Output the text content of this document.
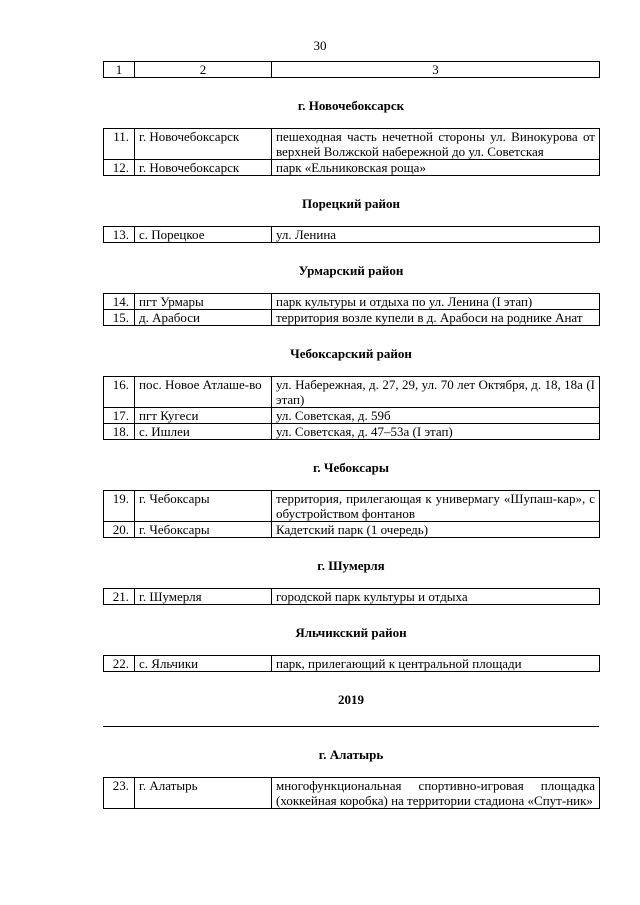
30
1	2	3
г. Новочебоксарск
11.	г. Новочебоксарск	пешеходная часть нечетной стороны ул. Винокурова от верхней Волжской набережной до ул. Советская
12.	г. Новочебоксарск	парк «Ельниковская роща»
Порецкий район
13.	с. Порецкое	ул. Ленина
Урмарский район
14.	пгт Урмары	парк культуры и отдыха по ул. Ленина (I этап)
15.	д. Арабоси	территория возле купели в д. Арабоси на роднике Анат
Чебоксарский район
16.	пос. Новое Атлаше-во	ул. Набережная, д. 27, 29, ул. 70 лет Октября, д. 18, 18а (I этап)
17.	пгт Кугеси	ул. Советская, д. 59б
18.	с. Ишлеи	ул. Советская, д. 47–53а (I этап)
г. Чебоксары
19.	г. Чебоксары	территория, прилегающая к универмагу «Шупаш-кар», с обустройством фонтанов
20.	г. Чебоксары	Кадетский парк (1 очередь)
г. Шумерля
21.	г. Шумерля	городской парк культуры и отдыха
Яльчикский район
22.	с. Яльчики	парк, прилегающий к центральной площади
2019
г. Алатырь
23.	г. Алатырь	многофункциональная спортивно-игровая площадка (хоккейная коробка) на территории стадиона «Спут-ник»
